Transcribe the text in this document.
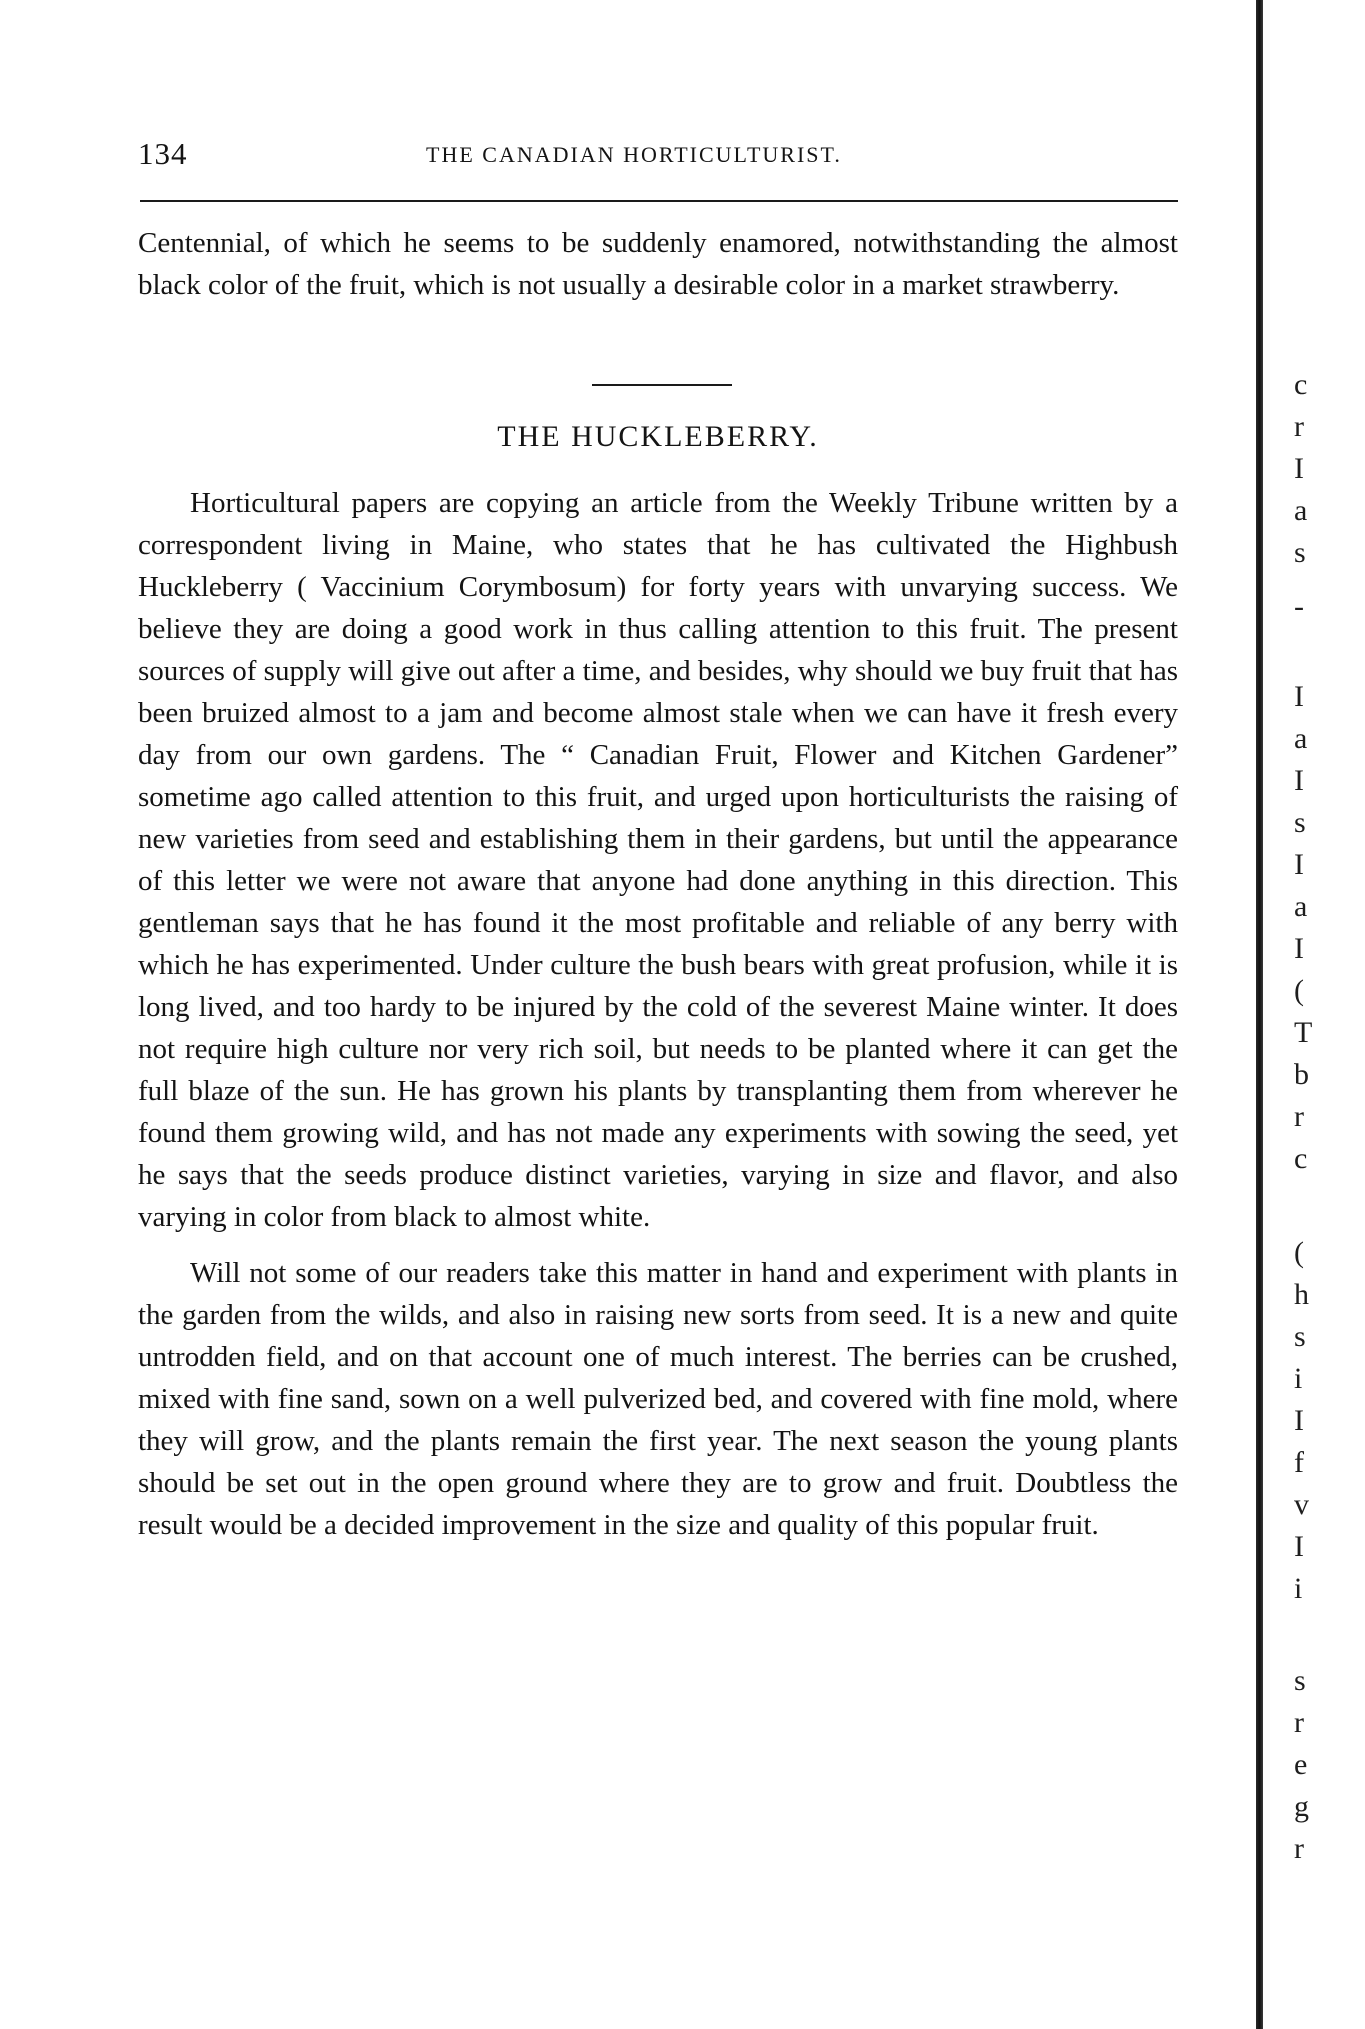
134	THE CANADIAN HORTICULTURIST.

Centennial, of which he seems to be suddenly enamored, notwithstanding the almost black color of the fruit, which is not usually a desirable color in a market strawberry.

THE HUCKLEBERRY.

Horticultural papers are copying an article from the Weekly Tribune written by a correspondent living in Maine, who states that he has cultivated the Highbush Huckleberry ( Vaccinium Corymbosum) for forty years with unvarying success. We believe they are doing a good work in thus calling attention to this fruit. The present sources of supply will give out after a time, and besides, why should we buy fruit that has been bruized almost to a jam and become almost stale when we can have it fresh every day from our own gardens. The “ Canadian Fruit, Flower and Kitchen Gardener” sometime ago called attention to this fruit, and urged upon horticulturists the raising of new varieties from seed and establishing them in their gardens, but until the appearance of this letter we were not aware that anyone had done anything in this direction. This gentleman says that he has found it the most profitable and reliable of any berry with which he has experimented. Under culture the bush bears with great profusion, while it is long lived, and too hardy to be injured by the cold of the severest Maine winter. It does not require high culture nor very rich soil, but needs to be planted where it can get the full blaze of the sun. He has grown his plants by transplanting them from wherever he found them growing wild, and has not made any experiments with sowing the seed, yet he says that the seeds produce distinct varieties, varying in size and flavor, and also varying in color from black to almost white.

Will not some of our readers take this matter in hand and experiment with plants in the garden from the wilds, and also in raising new sorts from seed. It is a new and quite untrodden field, and on that account one of much interest. The berries can be crushed, mixed with fine sand, sown on a well pulverized bed, and covered with fine mold, where they will grow, and the plants remain the first year. The next season the young plants should be set out in the open ground where they are to grow and fruit. Doubtless the result would be a decided improvement in the size and quality of this popular fruit.

c
r
I
a
s
-
I
a
I
s
I
a
I
(
T
b
r
c
(
h
s
i
I
f
v
I
i
s
r
e
g
r
